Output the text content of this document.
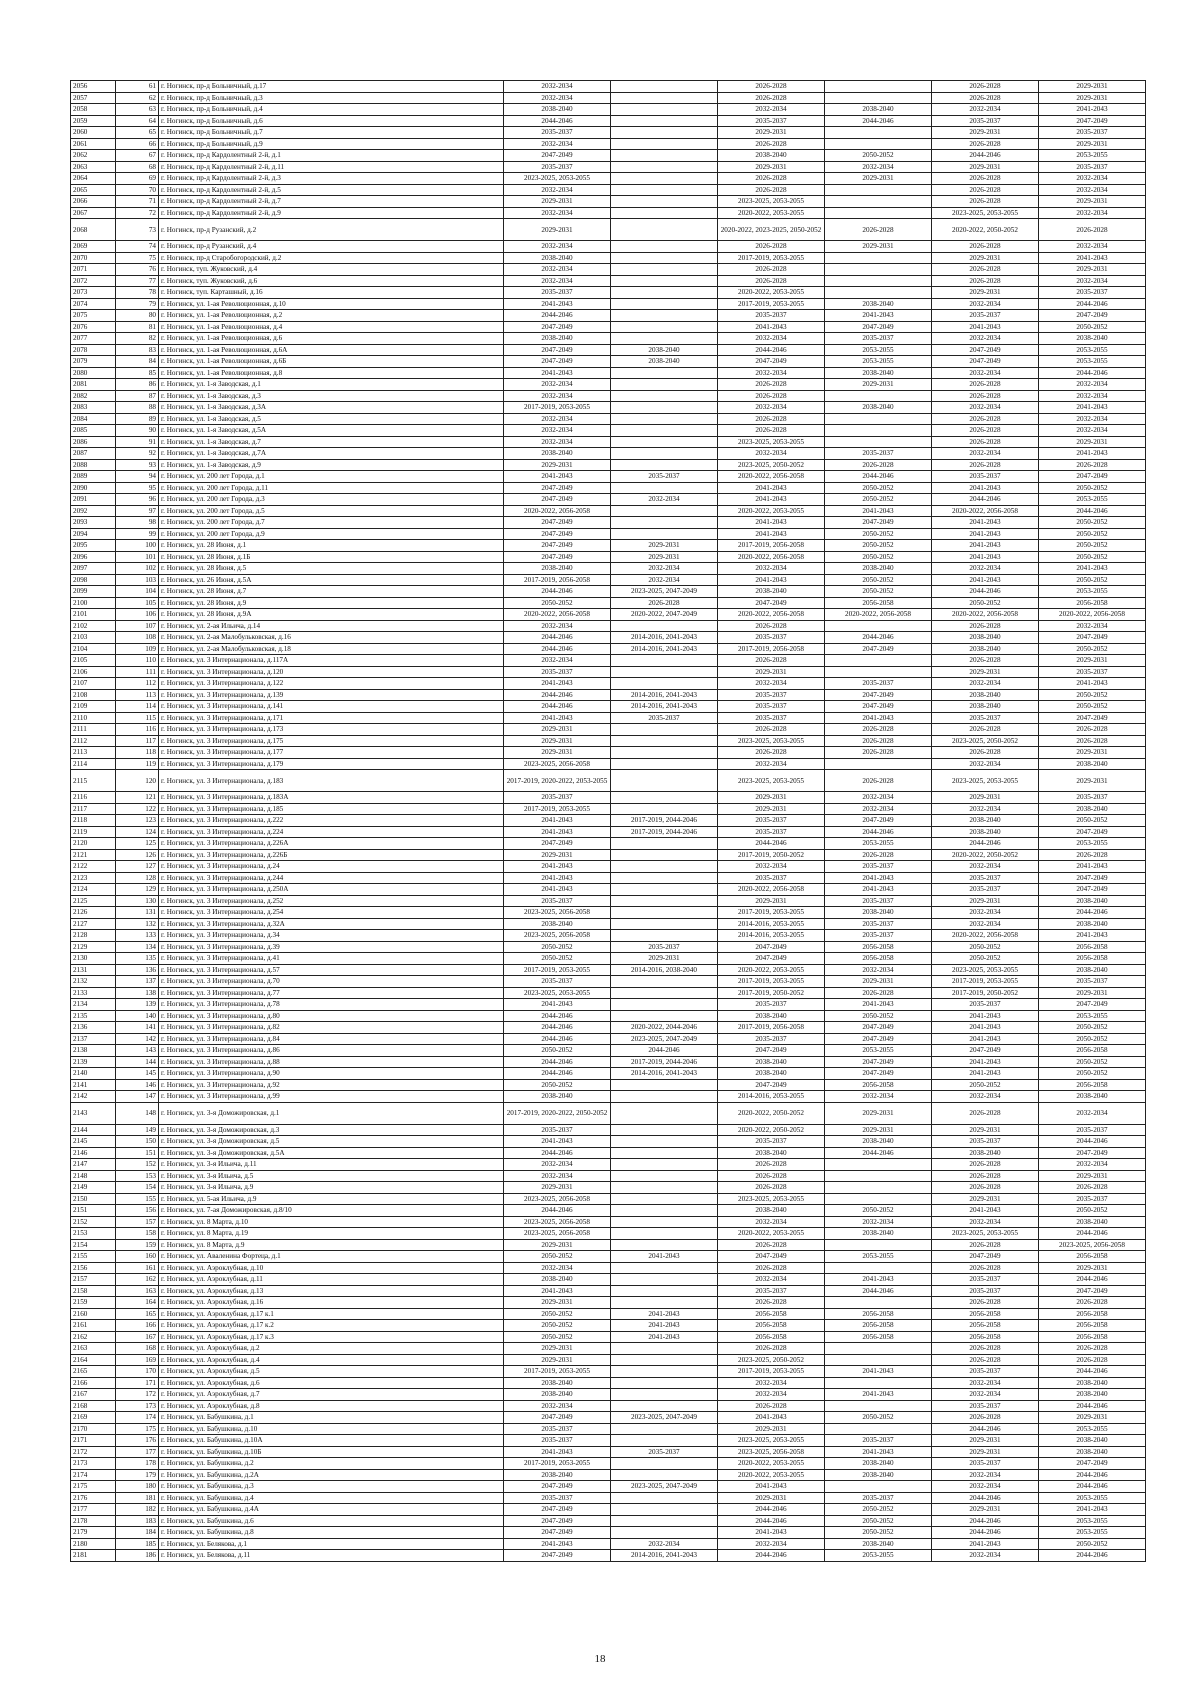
2056	61	г. Ногинск, пр-д Больничный, д.17	2032-2034		2026-2028		2026-2028	2029-2031
2057	62	г. Ногинск, пр-д Больничный, д.3	2032-2034		2026-2028		2026-2028	2029-2031
2058	63	г. Ногинск, пр-д Больничный, д.4	2038-2040		2032-2034	2038-2040	2032-2034	2041-2043
2059	64	г. Ногинск, пр-д Больничный, д.6	2044-2046		2035-2037	2044-2046	2035-2037	2047-2049
2060	65	г. Ногинск, пр-д Больничный, д.7	2035-2037		2029-2031		2029-2031	2035-2037
2061	66	г. Ногинск, пр-д Больничный, д.9	2032-2034		2026-2028		2026-2028	2029-2031
2062	67	г. Ногинск, пр-д Кардолентный 2-й, д.1	2047-2049		2038-2040	2050-2052	2044-2046	2053-2055
2063	68	г. Ногинск, пр-д Кардолентный 2-й, д.11	2035-2037		2029-2031	2032-2034	2029-2031	2035-2037
2064	69	г. Ногинск, пр-д Кардолентный 2-й, д.3	2023-2025, 2053-2055		2026-2028	2029-2031	2026-2028	2032-2034
2065	70	г. Ногинск, пр-д Кардолентный 2-й, д.5	2032-2034		2026-2028		2026-2028	2032-2034
2066	71	г. Ногинск, пр-д Кардолентный 2-й, д.7	2029-2031		2023-2025, 2053-2055		2026-2028	2029-2031
2067	72	г. Ногинск, пр-д Кардолентный 2-й, д.9	2032-2034		2020-2022, 2053-2055		2023-2025, 2053-2055	2032-2034
2068	73	г. Ногинск, пр-д Рузанский, д.2	2029-2031		2020-2022, 2023-2025, 2050-2052	2026-2028	2020-2022, 2050-2052	2026-2028
2069	74	г. Ногинск, пр-д Рузанский, д.4	2032-2034		2026-2028	2029-2031	2026-2028	2032-2034
2070	75	г. Ногинск, пр-д Старобогородский, д.2	2038-2040		2017-2019, 2053-2055		2029-2031	2041-2043
2071	76	г. Ногинск, туп. Жуковский, д.4	2032-2034		2026-2028		2026-2028	2029-2031
2072	77	г. Ногинск, туп. Жуковский, д.6	2032-2034		2026-2028		2026-2028	2032-2034
2073	78	г. Ногинск, туп. Карташный, д.16	2035-2037		2020-2022, 2053-2055		2029-2031	2035-2037
2074	79	г. Ногинск, ул. 1-ая Революционная, д.10	2041-2043		2017-2019, 2053-2055	2038-2040	2032-2034	2044-2046
2075	80	г. Ногинск, ул. 1-ая Революционная, д.2	2044-2046		2035-2037	2041-2043	2035-2037	2047-2049
2076	81	г. Ногинск, ул. 1-ая Революционная, д.4	2047-2049		2041-2043	2047-2049	2041-2043	2050-2052
2077	82	г. Ногинск, ул. 1-ая Революционная, д.6	2038-2040		2032-2034	2035-2037	2032-2034	2038-2040
2078	83	г. Ногинск, ул. 1-ая Революционная, д.6А	2047-2049	2038-2040	2044-2046	2053-2055	2047-2049	2053-2055
2079	84	г. Ногинск, ул. 1-ая Революционная, д.6Б	2047-2049	2038-2040	2047-2049	2053-2055	2047-2049	2053-2055
2080	85	г. Ногинск, ул. 1-ая Революционная, д.8	2041-2043		2032-2034	2038-2040	2032-2034	2044-2046
2081	86	г. Ногинск, ул. 1-я Заводская, д.1	2032-2034		2026-2028	2029-2031	2026-2028	2032-2034
2082	87	г. Ногинск, ул. 1-я Заводская, д.3	2032-2034		2026-2028		2026-2028	2032-2034
2083	88	г. Ногинск, ул. 1-я Заводская, д.3А	2017-2019, 2053-2055		2032-2034	2038-2040	2032-2034	2041-2043
2084	89	г. Ногинск, ул. 1-я Заводская, д.5	2032-2034		2026-2028		2026-2028	2032-2034
2085	90	г. Ногинск, ул. 1-я Заводская, д.5А	2032-2034		2026-2028		2026-2028	2032-2034
2086	91	г. Ногинск, ул. 1-я Заводская, д.7	2032-2034		2023-2025, 2053-2055		2026-2028	2029-2031
2087	92	г. Ногинск, ул. 1-я Заводская, д.7А	2038-2040		2032-2034	2035-2037	2032-2034	2041-2043
2088	93	г. Ногинск, ул. 1-я Заводская, д.9	2029-2031		2023-2025, 2050-2052	2026-2028	2026-2028	2026-2028
2089	94	г. Ногинск, ул. 200 лет Города, д.1	2041-2043	2035-2037	2020-2022, 2056-2058	2044-2046	2035-2037	2047-2049
2090	95	г. Ногинск, ул. 200 лет Города, д.11	2047-2049		2041-2043	2050-2052	2041-2043	2050-2052
2091	96	г. Ногинск, ул. 200 лет Города, д.3	2047-2049	2032-2034	2041-2043	2050-2052	2044-2046	2053-2055
2092	97	г. Ногинск, ул. 200 лет Города, д.5	2020-2022, 2056-2058		2020-2022, 2053-2055	2041-2043	2020-2022, 2056-2058	2044-2046
2093	98	г. Ногинск, ул. 200 лет Города, д.7	2047-2049		2041-2043	2047-2049	2041-2043	2050-2052
2094	99	г. Ногинск, ул. 200 лет Города, д.9	2047-2049		2041-2043	2050-2052	2041-2043	2050-2052
2095	100	г. Ногинск, ул. 28 Июня, д.1	2047-2049	2029-2031	2017-2019, 2056-2058	2050-2052	2041-2043	2050-2052
2096	101	г. Ногинск, ул. 28 Июня, д.1Б	2047-2049	2029-2031	2020-2022, 2056-2058	2050-2052	2041-2043	2050-2052
2097	102	г. Ногинск, ул. 28 Июня, д.5	2038-2040	2032-2034	2032-2034	2038-2040	2032-2034	2041-2043
2098	103	г. Ногинск, ул. 26 Июня, д.5А	2017-2019, 2056-2058	2032-2034	2041-2043	2050-2052	2041-2043	2050-2052
2099	104	г. Ногинск, ул. 28 Июня, д.7	2044-2046	2023-2025, 2047-2049	2038-2040	2050-2052	2044-2046	2053-2055
2100	105	г. Ногинск, ул. 28 Июня, д.9	2050-2052	2026-2028	2047-2049	2056-2058	2050-2052	2056-2058
2101	106	г. Ногинск, ул. 28 Июня, д.9А	2020-2022, 2056-2058	2020-2022, 2047-2049	2020-2022, 2056-2058	2020-2022, 2056-2058	2020-2022, 2056-2058	2020-2022, 2056-2058
2102	107	г. Ногинск, ул. 2-ая Ильича, д.14	2032-2034		2026-2028		2026-2028	2032-2034
2103	108	г. Ногинск, ул. 2-ая Малобульковская, д.16	2044-2046	2014-2016, 2041-2043	2035-2037	2044-2046	2038-2040	2047-2049
2104	109	г. Ногинск, ул. 2-ая Малобульковская, д.18	2044-2046	2014-2016, 2041-2043	2017-2019, 2056-2058	2047-2049	2038-2040	2050-2052
2105	110	г. Ногинск, ул. 3 Интернационала, д.117А	2032-2034		2026-2028		2026-2028	2029-2031
2106	111	г. Ногинск, ул. 3 Интернационала, д.120	2035-2037		2029-2031		2029-2031	2035-2037
2107	112	г. Ногинск, ул. 3 Интернационала, д.122	2041-2043		2032-2034	2035-2037	2032-2034	2041-2043
2108	113	г. Ногинск, ул. 3 Интернационала, д.139	2044-2046	2014-2016, 2041-2043	2035-2037	2047-2049	2038-2040	2050-2052
2109	114	г. Ногинск, ул. 3 Интернационала, д.141	2044-2046	2014-2016, 2041-2043	2035-2037	2047-2049	2038-2040	2050-2052
2110	115	г. Ногинск, ул. 3 Интернационала, д.171	2041-2043	2035-2037	2035-2037	2041-2043	2035-2037	2047-2049
2111	116	г. Ногинск, ул. 3 Интернационала, д.173	2029-2031		2026-2028	2026-2028	2026-2028	2026-2028
2112	117	г. Ногинск, ул. 3 Интернационала, д.175	2029-2031		2023-2025, 2053-2055	2026-2028	2023-2025, 2050-2052	2026-2028
2113	118	г. Ногинск, ул. 3 Интернационала, д.177	2029-2031		2026-2028	2026-2028	2026-2028	2029-2031
2114	119	г. Ногинск, ул. 3 Интернационала, д.179	2023-2025, 2056-2058		2032-2034		2032-2034	2038-2040
2115	120	г. Ногинск, ул. 3 Интернационала, д.183	2017-2019, 2020-2022, 2053-2055		2023-2025, 2053-2055	2026-2028	2023-2025, 2053-2055	2029-2031
2116	121	г. Ногинск, ул. 3 Интернационала, д.183А	2035-2037		2029-2031	2032-2034	2029-2031	2035-2037
2117	122	г. Ногинск, ул. 3 Интернационала, д.185	2017-2019, 2053-2055		2029-2031	2032-2034	2032-2034	2038-2040
2118	123	г. Ногинск, ул. 3 Интернационала, д.222	2041-2043	2017-2019, 2044-2046	2035-2037	2047-2049	2038-2040	2050-2052
2119	124	г. Ногинск, ул. 3 Интернационала, д.224	2041-2043	2017-2019, 2044-2046	2035-2037	2044-2046	2038-2040	2047-2049
2120	125	г. Ногинск, ул. 3 Интернационала, д.226А	2047-2049		2044-2046	2053-2055	2044-2046	2053-2055
2121	126	г. Ногинск, ул. 3 Интернационала, д.226Б	2029-2031		2017-2019, 2050-2052	2026-2028	2020-2022, 2050-2052	2026-2028
2122	127	г. Ногинск, ул. 3 Интернационала, д.24	2041-2043		2032-2034	2035-2037	2032-2034	2041-2043
2123	128	г. Ногинск, ул. 3 Интернационала, д.244	2041-2043		2035-2037	2041-2043	2035-2037	2047-2049
2124	129	г. Ногинск, ул. 3 Интернационала, д.250А	2041-2043		2020-2022, 2056-2058	2041-2043	2035-2037	2047-2049
2125	130	г. Ногинск, ул. 3 Интернационала, д.252	2035-2037		2029-2031	2035-2037	2029-2031	2038-2040
2126	131	г. Ногинск, ул. 3 Интернационала, д.254	2023-2025, 2056-2058		2017-2019, 2053-2055	2038-2040	2032-2034	2044-2046
2127	132	г. Ногинск, ул. 3 Интернационала, д.32А	2038-2040		2014-2016, 2053-2055	2035-2037	2032-2034	2038-2040
2128	133	г. Ногинск, ул. 3 Интернационала, д.34	2023-2025, 2056-2058		2014-2016, 2053-2055	2035-2037	2020-2022, 2056-2058	2041-2043
2129	134	г. Ногинск, ул. 3 Интернационала, д.39	2050-2052	2035-2037	2047-2049	2056-2058	2050-2052	2056-2058
2130	135	г. Ногинск, ул. 3 Интернационала, д.41	2050-2052	2029-2031	2047-2049	2056-2058	2050-2052	2056-2058
2131	136	г. Ногинск, ул. 3 Интернационала, д.57	2017-2019, 2053-2055	2014-2016, 2038-2040	2020-2022, 2053-2055	2032-2034	2023-2025, 2053-2055	2038-2040
2132	137	г. Ногинск, ул. 3 Интернационала, д.70	2035-2037		2017-2019, 2053-2055	2029-2031	2017-2019, 2053-2055	2035-2037
2133	138	г. Ногинск, ул. 3 Интернационала, д.77	2023-2025, 2053-2055		2017-2019, 2050-2052	2026-2028	2017-2019, 2050-2052	2029-2031
2134	139	г. Ногинск, ул. 3 Интернационала, д.78	2041-2043		2035-2037	2041-2043	2035-2037	2047-2049
2135	140	г. Ногинск, ул. 3 Интернационала, д.80	2044-2046		2038-2040	2050-2052	2041-2043	2053-2055
2136	141	г. Ногинск, ул. 3 Интернационала, д.82	2044-2046	2020-2022, 2044-2046	2017-2019, 2056-2058	2047-2049	2041-2043	2050-2052
2137	142	г. Ногинск, ул. 3 Интернационала, д.84	2044-2046	2023-2025, 2047-2049	2035-2037	2047-2049	2041-2043	2050-2052
2138	143	г. Ногинск, ул. 3 Интернационала, д.86	2050-2052	2044-2046	2047-2049	2053-2055	2047-2049	2056-2058
2139	144	г. Ногинск, ул. 3 Интернационала, д.88	2044-2046	2017-2019, 2044-2046	2038-2040	2047-2049	2041-2043	2050-2052
2140	145	г. Ногинск, ул. 3 Интернационала, д.90	2044-2046	2014-2016, 2041-2043	2038-2040	2047-2049	2041-2043	2050-2052
2141	146	г. Ногинск, ул. 3 Интернационала, д.92	2050-2052		2047-2049	2056-2058	2050-2052	2056-2058
2142	147	г. Ногинск, ул. 3 Интернационала, д.99	2038-2040		2014-2016, 2053-2055	2032-2034	2032-2034	2038-2040
2143	148	г. Ногинск, ул. 3-я Доможировская, д.1	2017-2019, 2020-2022, 2050-2052		2020-2022, 2050-2052	2029-2031	2026-2028	2032-2034
2144	149	г. Ногинск, ул. 3-я Доможировская, д.3	2035-2037		2020-2022, 2050-2052	2029-2031	2029-2031	2035-2037
2145	150	г. Ногинск, ул. 3-я Доможировская, д.5	2041-2043		2035-2037	2038-2040	2035-2037	2044-2046
2146	151	г. Ногинск, ул. 3-я Доможировская, д.5А	2044-2046		2038-2040	2044-2046	2038-2040	2047-2049
2147	152	г. Ногинск, ул. 3-я Ильича, д.11	2032-2034		2026-2028		2026-2028	2032-2034
2148	153	г. Ногинск, ул. 3-я Ильича, д.5	2032-2034		2026-2028		2026-2028	2029-2031
2149	154	г. Ногинск, ул. 3-я Ильича, д.9	2029-2031		2026-2028		2026-2028	2026-2028
2150	155	г. Ногинск, ул. 5-ая Ильича, д.9	2023-2025, 2056-2058		2023-2025, 2053-2055		2029-2031	2035-2037
2151	156	г. Ногинск, ул. 7-ая Доможировская, д.8/10	2044-2046		2038-2040	2050-2052	2041-2043	2050-2052
2152	157	г. Ногинск, ул. 8 Марта, д.10	2023-2025, 2056-2058		2032-2034	2032-2034	2032-2034	2038-2040
2153	158	г. Ногинск, ул. 8 Марта, д.19	2023-2025, 2056-2058		2020-2022, 2053-2055	2038-2040	2023-2025, 2053-2055	2044-2046
2154	159	г. Ногинск, ул. 8 Марта, д.9	2029-2031		2026-2028		2026-2028	2023-2025, 2056-2058
2155	160	г. Ногинск, ул. Аваленина Фортеца, д.1	2050-2052	2041-2043	2047-2049	2053-2055	2047-2049	2056-2058
2156	161	г. Ногинск, ул. Аэроклубная, д.10	2032-2034		2026-2028		2026-2028	2029-2031
2157	162	г. Ногинск, ул. Аэроклубная, д.11	2038-2040		2032-2034	2041-2043	2035-2037	2044-2046
2158	163	г. Ногинск, ул. Аэроклубная, д.13	2041-2043		2035-2037	2044-2046	2035-2037	2047-2049
2159	164	г. Ногинск, ул. Аэроклубная, д.16	2029-2031		2026-2028		2026-2028	2026-2028
2160	165	г. Ногинск, ул. Аэроклубная, д.17 к.1	2050-2052	2041-2043	2056-2058	2056-2058	2056-2058	2056-2058
2161	166	г. Ногинск, ул. Аэроклубная, д.17 к.2	2050-2052	2041-2043	2056-2058	2056-2058	2056-2058	2056-2058
2162	167	г. Ногинск, ул. Аэроклубная, д.17 к.3	2050-2052	2041-2043	2056-2058	2056-2058	2056-2058	2056-2058
2163	168	г. Ногинск, ул. Аэроклубная, д.2	2029-2031		2026-2028		2026-2028	2026-2028
2164	169	г. Ногинск, ул. Аэроклубная, д.4	2029-2031		2023-2025, 2050-2052		2026-2028	2026-2028
2165	170	г. Ногинск, ул. Аэроклубная, д.5	2017-2019, 2053-2055		2017-2019, 2053-2055	2041-2043	2035-2037	2044-2046
2166	171	г. Ногинск, ул. Аэроклубная, д.6	2038-2040		2032-2034		2032-2034	2038-2040
2167	172	г. Ногинск, ул. Аэроклубная, д.7	2038-2040		2032-2034	2041-2043	2032-2034	2038-2040
2168	173	г. Ногинск, ул. Аэроклубная, д.8	2032-2034		2026-2028		2035-2037	2044-2046
2169	174	г. Ногинск, ул. Бабушкина, д.1	2047-2049	2023-2025, 2047-2049	2041-2043	2050-2052	2026-2028	2029-2031
2170	175	г. Ногинск, ул. Бабушкина, д.10	2035-2037		2029-2031		2044-2046	2053-2055
2171	176	г. Ногинск, ул. Бабушкина, д.10А	2035-2037		2023-2025, 2053-2055	2035-2037	2029-2031	2038-2040
2172	177	г. Ногинск, ул. Бабушкина, д.10Б	2041-2043	2035-2037	2023-2025, 2056-2058	2041-2043	2029-2031	2038-2040
2173	178	г. Ногинск, ул. Бабушкина, д.2	2017-2019, 2053-2055		2020-2022, 2053-2055	2038-2040	2035-2037	2047-2049
2174	179	г. Ногинск, ул. Бабушкина, д.2А	2038-2040		2020-2022, 2053-2055	2038-2040	2032-2034	2044-2046
2175	180	г. Ногинск, ул. Бабушкина, д.3	2047-2049	2023-2025, 2047-2049	2041-2043		2032-2034	2044-2046
2176	181	г. Ногинск, ул. Бабушкина, д.4	2035-2037		2029-2031	2035-2037	2044-2046	2053-2055
2177	182	г. Ногинск, ул. Бабушкина, д.4А	2047-2049		2044-2046	2050-2052	2029-2031	2041-2043
2178	183	г. Ногинск, ул. Бабушкина, д.6	2047-2049		2044-2046	2050-2052	2044-2046	2053-2055
2179	184	г. Ногинск, ул. Бабушкина, д.8	2047-2049		2041-2043	2050-2052	2044-2046	2053-2055
2180	185	г. Ногинск, ул. Белякова, д.1	2041-2043	2032-2034	2032-2034	2038-2040	2041-2043	2050-2052
2181	186	г. Ногинск, ул. Белякова, д.11	2047-2049	2014-2016, 2041-2043	2044-2046	2053-2055	2032-2034	2044-2046
18
